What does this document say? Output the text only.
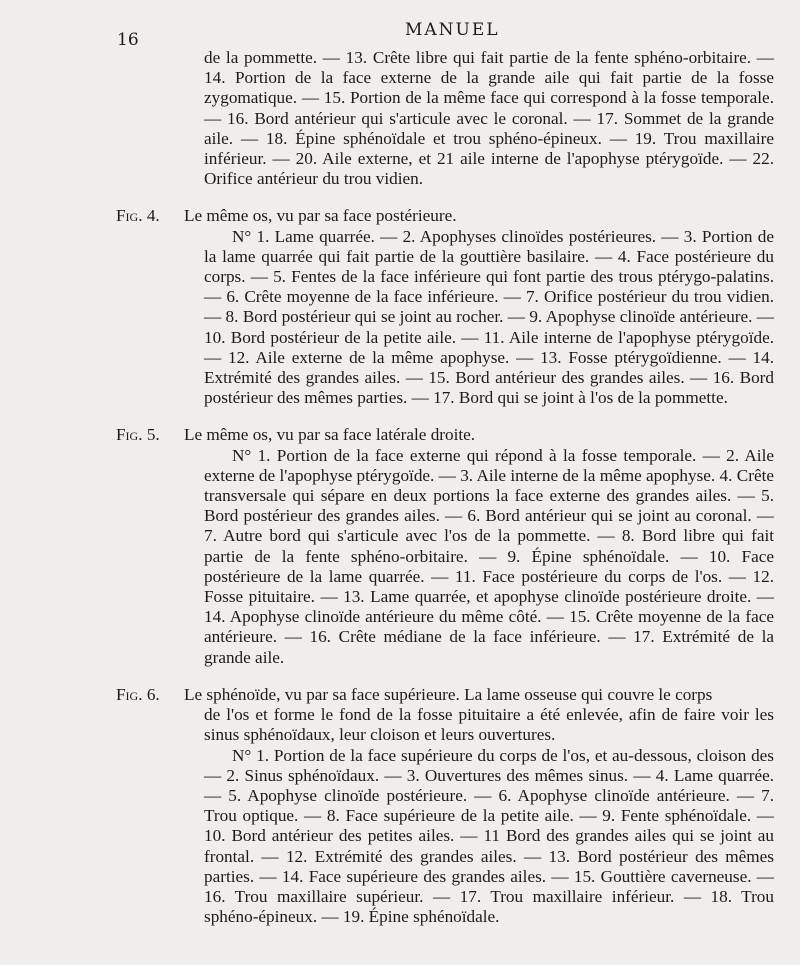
16	MANUEL

de la pommette. — 13. Crête libre qui fait partie de la fente sphéno-orbitaire. — 14. Portion de la face externe de la grande aile qui fait partie de la fosse zygomatique. — 15. Portion de la même face qui correspond à la fosse temporale. — 16. Bord antérieur qui s'articule avec le coronal. — 17. Sommet de la grande aile. — 18. Épine sphénoïdale et trou sphéno-épineux. — 19. Trou maxillaire inférieur. — 20. Aile externe, et 21 aile interne de l'apophyse ptérygoïde. — 22. Orifice antérieur du trou vidien.

Fig. 4. Le même os, vu par sa face postérieure.

N° 1. Lame quarrée. — 2. Apophyses clinoïdes postérieures. — 3. Portion de la lame quarrée qui fait partie de la gouttière basilaire. — 4. Face postérieure du corps. — 5. Fentes de la face inférieure qui font partie des trous ptérygo-palatins. — 6. Crête moyenne de la face inférieure. — 7. Orifice postérieur du trou vidien. — 8. Bord postérieur qui se joint au rocher. — 9. Apophyse clinoïde antérieure. — 10. Bord postérieur de la petite aile. — 11. Aile interne de l'apophyse ptérygoïde. — 12. Aile externe de la même apophyse. — 13. Fosse ptérygoïdienne. — 14. Extrémité des grandes ailes. — 15. Bord antérieur des grandes ailes. — 16. Bord postérieur des mêmes parties. — 17. Bord qui se joint à l'os de la pommette.

Fig. 5. Le même os, vu par sa face latérale droite.

N° 1. Portion de la face externe qui répond à la fosse temporale. — 2. Aile externe de l'apophyse ptérygoïde. — 3. Aile interne de la même apophyse. 4. Crête transversale qui sépare en deux portions la face externe des grandes ailes. — 5. Bord postérieur des grandes ailes. — 6. Bord antérieur qui se joint au coronal. — 7. Autre bord qui s'articule avec l'os de la pommette. — 8. Bord libre qui fait partie de la fente sphéno-orbitaire. — 9. Épine sphénoïdale. — 10. Face postérieure de la lame quarrée. — 11. Face postérieure du corps de l'os. — 12. Fosse pituitaire. — 13. Lame quarrée, et apophyse clinoïde postérieure droite. — 14. Apophyse clinoïde antérieure du même côté. — 15. Crête moyenne de la face antérieure. — 16. Crête médiane de la face inférieure. — 17. Extrémité de la grande aile.

Fig. 6. Le sphénoïde, vu par sa face supérieure. La lame osseuse qui couvre le corps

de l'os et forme le fond de la fosse pituitaire a été enlevée, afin de faire voir les sinus sphénoïdaux, leur cloison et leurs ouvertures.

N° 1. Portion de la face supérieure du corps de l'os, et au-dessous, cloison des — 2. Sinus sphénoïdaux. — 3. Ouvertures des mêmes sinus. — 4. Lame quarrée. — 5. Apophyse clinoïde postérieure. — 6. Apophyse clinoïde antérieure. — 7. Trou optique. — 8. Face supérieure de la petite aile. — 9. Fente sphénoïdale. — 10. Bord antérieur des petites ailes. — 11 Bord des grandes ailes qui se joint au frontal. — 12. Extrémité des grandes ailes. — 13. Bord postérieur des mêmes parties. — 14. Face supérieure des grandes ailes. — 15. Gouttière caverneuse. — 16. Trou maxillaire supérieur. — 17. Trou maxillaire inférieur. — 18. Trou sphéno-épineux. — 19. Épine sphénoïdale.
